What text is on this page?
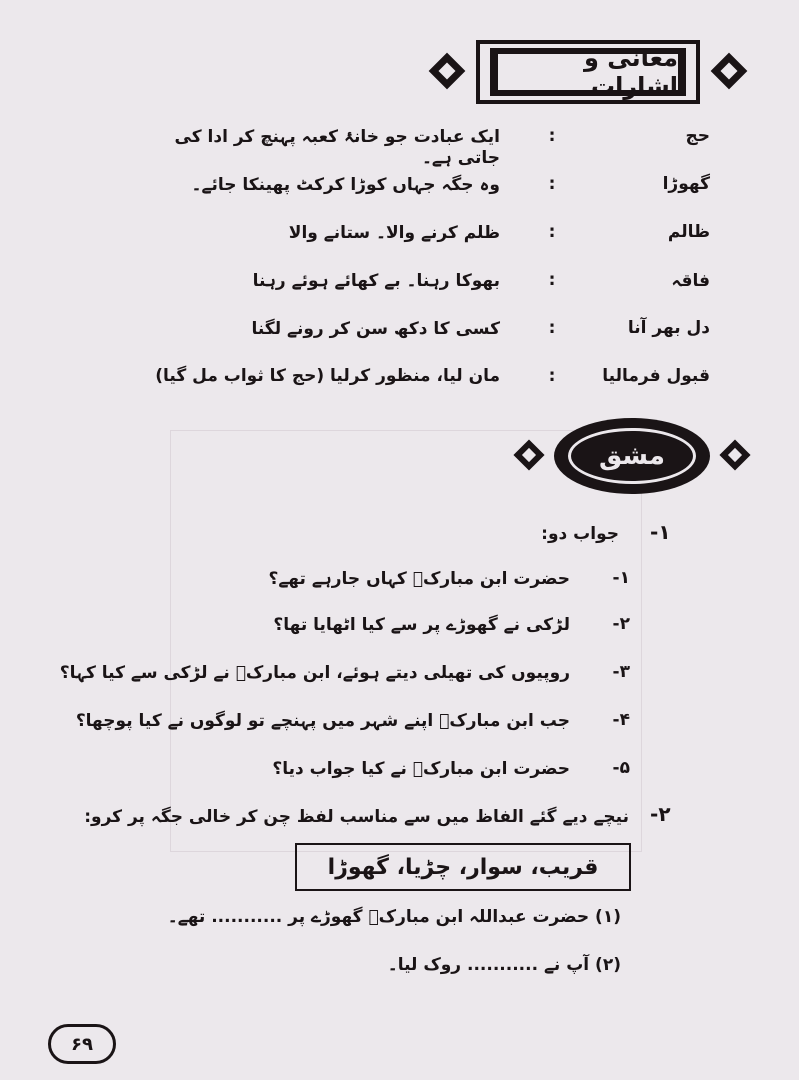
معانی و اشارات
حج
:
ایک عبادت جو خانۂ کعبہ پہنچ کر ادا کی جاتی ہے۔
گھوڑا
:
وہ جگہ جہاں کوڑا کرکٹ پھینکا جائے۔
ظالم
:
ظلم کرنے والا۔ ستانے والا
فاقہ
:
بھوکا رہنا۔ بے کھائے ہوئے رہنا
دل بھر آنا
:
کسی کا دکھ سن کر رونے لگنا
قبول فرمالیا
:
مان لیا، منظور کرلیا (حج کا ثواب مل گیا)
مشق
۱-
جواب دو:
۱-
حضرت ابن مبارکؒ کہاں جارہے تھے؟
۲-
لڑکی نے گھوڑے پر سے کیا اٹھایا تھا؟
۳-
روپیوں کی تھیلی دیتے ہوئے، ابن مبارکؒ نے لڑکی سے کیا کہا؟
۴-
جب ابن مبارکؒ اپنے شہر میں پہنچے تو لوگوں نے کیا پوچھا؟
۵-
حضرت ابن مبارکؒ نے کیا جواب دیا؟
۲-
نیچے دیے گئے الفاظ میں سے مناسب لفظ چن کر خالی جگہ پر کرو:
قریب، سوار، چڑیا، گھوڑا
(۱) حضرت عبداللہ ابن مبارکؒ گھوڑے پر ........... تھے۔
(۲) آپ نے ........... روک لیا۔
۶۹
